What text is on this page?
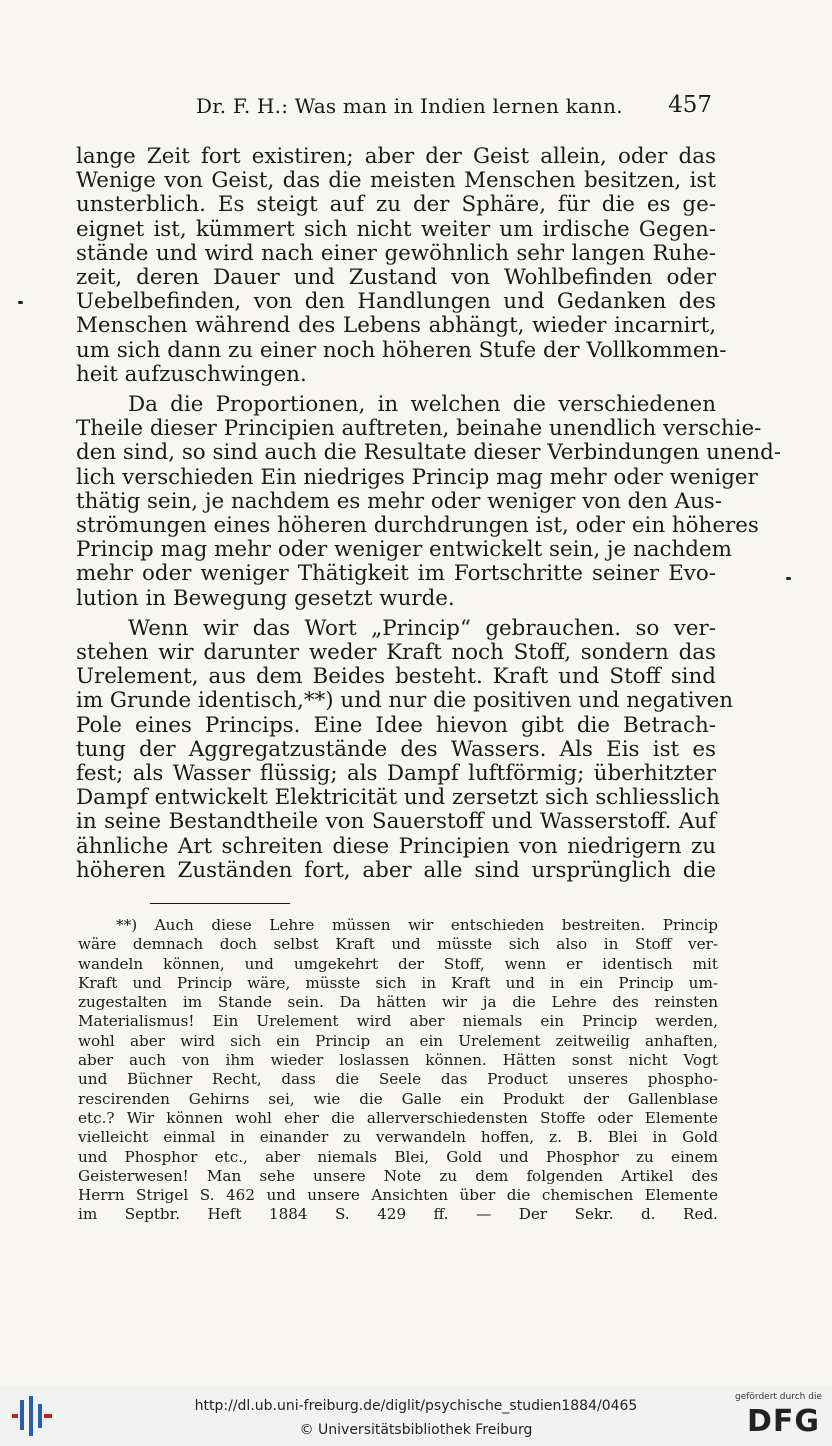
Dr. F. H.: Was man in Indien lernen kann. 457

lange Zeit fort existiren; aber der Geist allein, oder das
Wenige von Geist, das die meisten Menschen besitzen, ist
unsterblich. Es steigt auf zu der Sphäre, für die es ge-
eignet ist, kümmert sich nicht weiter um irdische Gegen-
stände und wird nach einer gewöhnlich sehr langen Ruhe-
zeit, deren Dauer und Zustand von Wohlbefinden oder
Uebelbefinden, von den Handlungen und Gedanken des
Menschen während des Lebens abhängt, wieder incarnirt,
um sich dann zu einer noch höheren Stufe der Vollkommen-
heit aufzuschwingen.

Da die Proportionen, in welchen die verschiedenen
Theile dieser Principien auftreten, beinahe unendlich verschie-
den sind, so sind auch die Resultate dieser Verbindungen unend-
lich verschieden Ein niedriges Princip mag mehr oder weniger
thätig sein, je nachdem es mehr oder weniger von den Aus-
strömungen eines höheren durchdrungen ist, oder ein höheres
Princip mag mehr oder weniger entwickelt sein, je nachdem
mehr oder weniger Thätigkeit im Fortschritte seiner Evo-
lution in Bewegung gesetzt wurde.

Wenn wir das Wort „Princip“ gebrauchen. so ver-
stehen wir darunter weder Kraft noch Stoff, sondern das
Urelement, aus dem Beides besteht. Kraft und Stoff sind
im Grunde identisch,**) und nur die positiven und negativen
Pole eines Princips. Eine Idee hievon gibt die Betrach-
tung der Aggregatzustände des Wassers. Als Eis ist es
fest; als Wasser flüssig; als Dampf luftförmig; überhitzter
Dampf entwickelt Elektricität und zersetzt sich schliesslich
in seine Bestandtheile von Sauerstoff und Wasserstoff. Auf
ähnliche Art schreiten diese Principien von niedrigern zu
höheren Zuständen fort, aber alle sind ursprünglich die

**) Auch diese Lehre müssen wir entschieden bestreiten. Princip
wäre demnach doch selbst Kraft und müsste sich also in Stoff ver-
wandeln können, und umgekehrt der Stoff, wenn er identisch mit
Kraft und Princip wäre, müsste sich in Kraft und in ein Princip um-
zugestalten im Stande sein. Da hätten wir ja die Lehre des reinsten
Materialismus! Ein Urelement wird aber niemals ein Princip werden,
wohl aber wird sich ein Princip an ein Urelement zeitweilig anhaften,
aber auch von ihm wieder loslassen können. Hätten sonst nicht Vogt
und Büchner Recht, dass die Seele das Product unseres phospho-
rescirenden Gehirns sei, wie die Galle ein Produkt der Gallenblase
etc.? Wir können wohl eher die allerverschiedensten Stoffe oder Elemente
vielleicht einmal in einander zu verwandeln hoffen, z. B. Blei in Gold
und Phosphor etc., aber niemals Blei, Gold und Phosphor zu einem
Geisterwesen! Man sehe unsere Note zu dem folgenden Artikel des
Herrn Strigel S. 462 und unsere Ansichten über die chemischen Elemente
im Septbr. Heft 1884 S. 429 ff. — Der Sekr. d. Red.
http://dl.ub.uni-freiburg.de/diglit/psychische_studien1884/0465
© Universitätsbibliothek Freiburg
gefördert durch die
DFG
